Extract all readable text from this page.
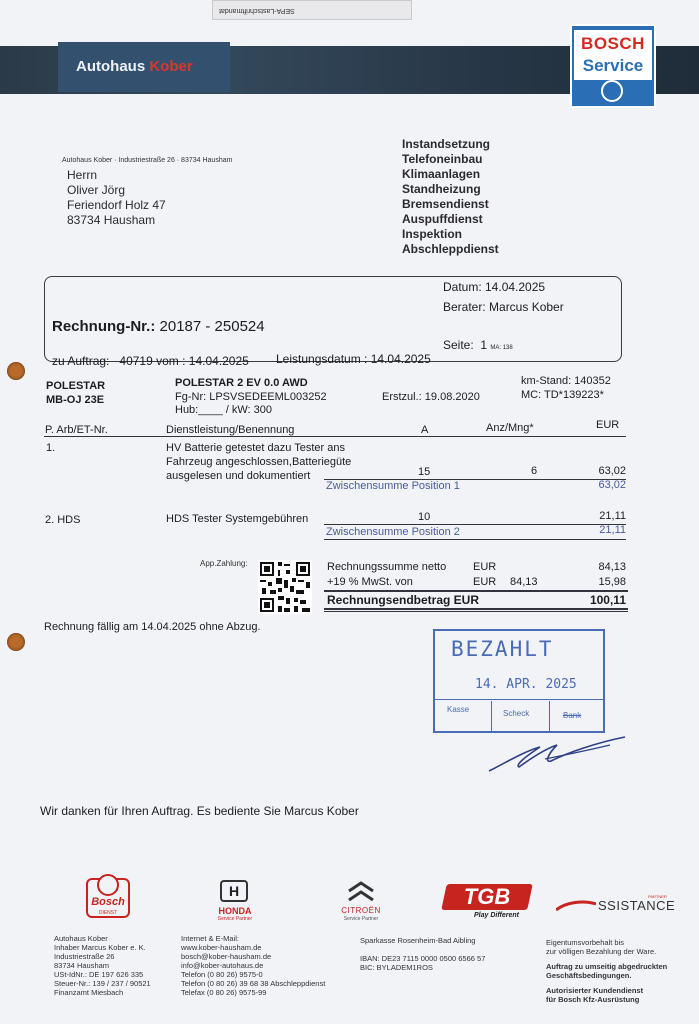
SEPA-Lastschriftmandat
Autohaus Kober
BOSCH
Service
Autohaus Kober · Industriestraße 26 · 83734 Hausham
Herrn
Oliver Jörg
Feriendorf Holz 47
83734 Hausham
Instandsetzung
Telefoneinbau
Klimaanlagen
Standheizung
Bremsendienst
Auspuffdienst
Inspektion
Abschleppdienst
Datum: 14.04.2025
Berater: Marcus Kober
Rechnung-Nr.: 20187 - 250524
Seite: 1 MA: 138
zu Auftrag: 40719 vom : 14.04.2025 Leistungsdatum : 14.04.2025
POLESTAR
MB-OJ 23E
POLESTAR 2 EV 0.0 AWD
Fg-Nr: LPSVSEDEEML003252
Hub:____ / kW: 300
Erstzul.: 19.08.2020
km-Stand: 140352
MC: TD*139223*
P. Arb/ET-Nr.	Dienstleistung/Benennung	A	Anz/Mng*	EUR
1.	HV Batterie getestet dazu Tester ans
Fahrzeug angeschlossen,Batteriegüte
ausgelesen und dokumentiert	15	6	63,02
Zwischensumme Position 1	63,02
2. HDS	HDS Tester Systemgebühren	10	21,11
Zwischensumme Position 2	21,11
App.Zahlung:	Rechnungssumme netto EUR	84,13
+19 % MwSt. von	EUR 84,13	15,98
Rechnungsendbetrag EUR	100,11
Rechnung fällig am 14.04.2025 ohne Abzug.
BEZAHLT
14. APR. 2025
Kasse	Scheck	Bank
Wir danken für Ihren Auftrag. Es bediente Sie Marcus Kober
Bosch
DIENST
H
HONDA
Service Partner
CITROËN
Service Partner
TGB
Play Different
SSISTANCE
PARTNER
Autohaus Kober
Inhaber Marcus Kober e. K.
Industriestraße 26
83734 Hausham
USt-IdNr.: DE 197 626 335
Steuer-Nr.: 139 / 237 / 90521
Finanzamt Miesbach
Internet & E-Mail:
www.kober-hausham.de
bosch@kober-hausham.de
info@kober-autohaus.de
Telefon (0 80 26) 9575-0
Telefon (0 80 26) 39 68 38 Abschleppdienst
Telefax (0 80 26) 9575-99
Sparkasse Rosenheim-Bad Aibling

IBAN: DE23 7115 0000 0500 6566 57
BIC: BYLADEM1ROS
Eigentumsvorbehalt bis
zur völligen Bezahlung der Ware.
Auftrag zu umseitig abgedruckten
Geschäftsbedingungen.
Autorisierter Kundendienst
für Bosch Kfz-Ausrüstung
